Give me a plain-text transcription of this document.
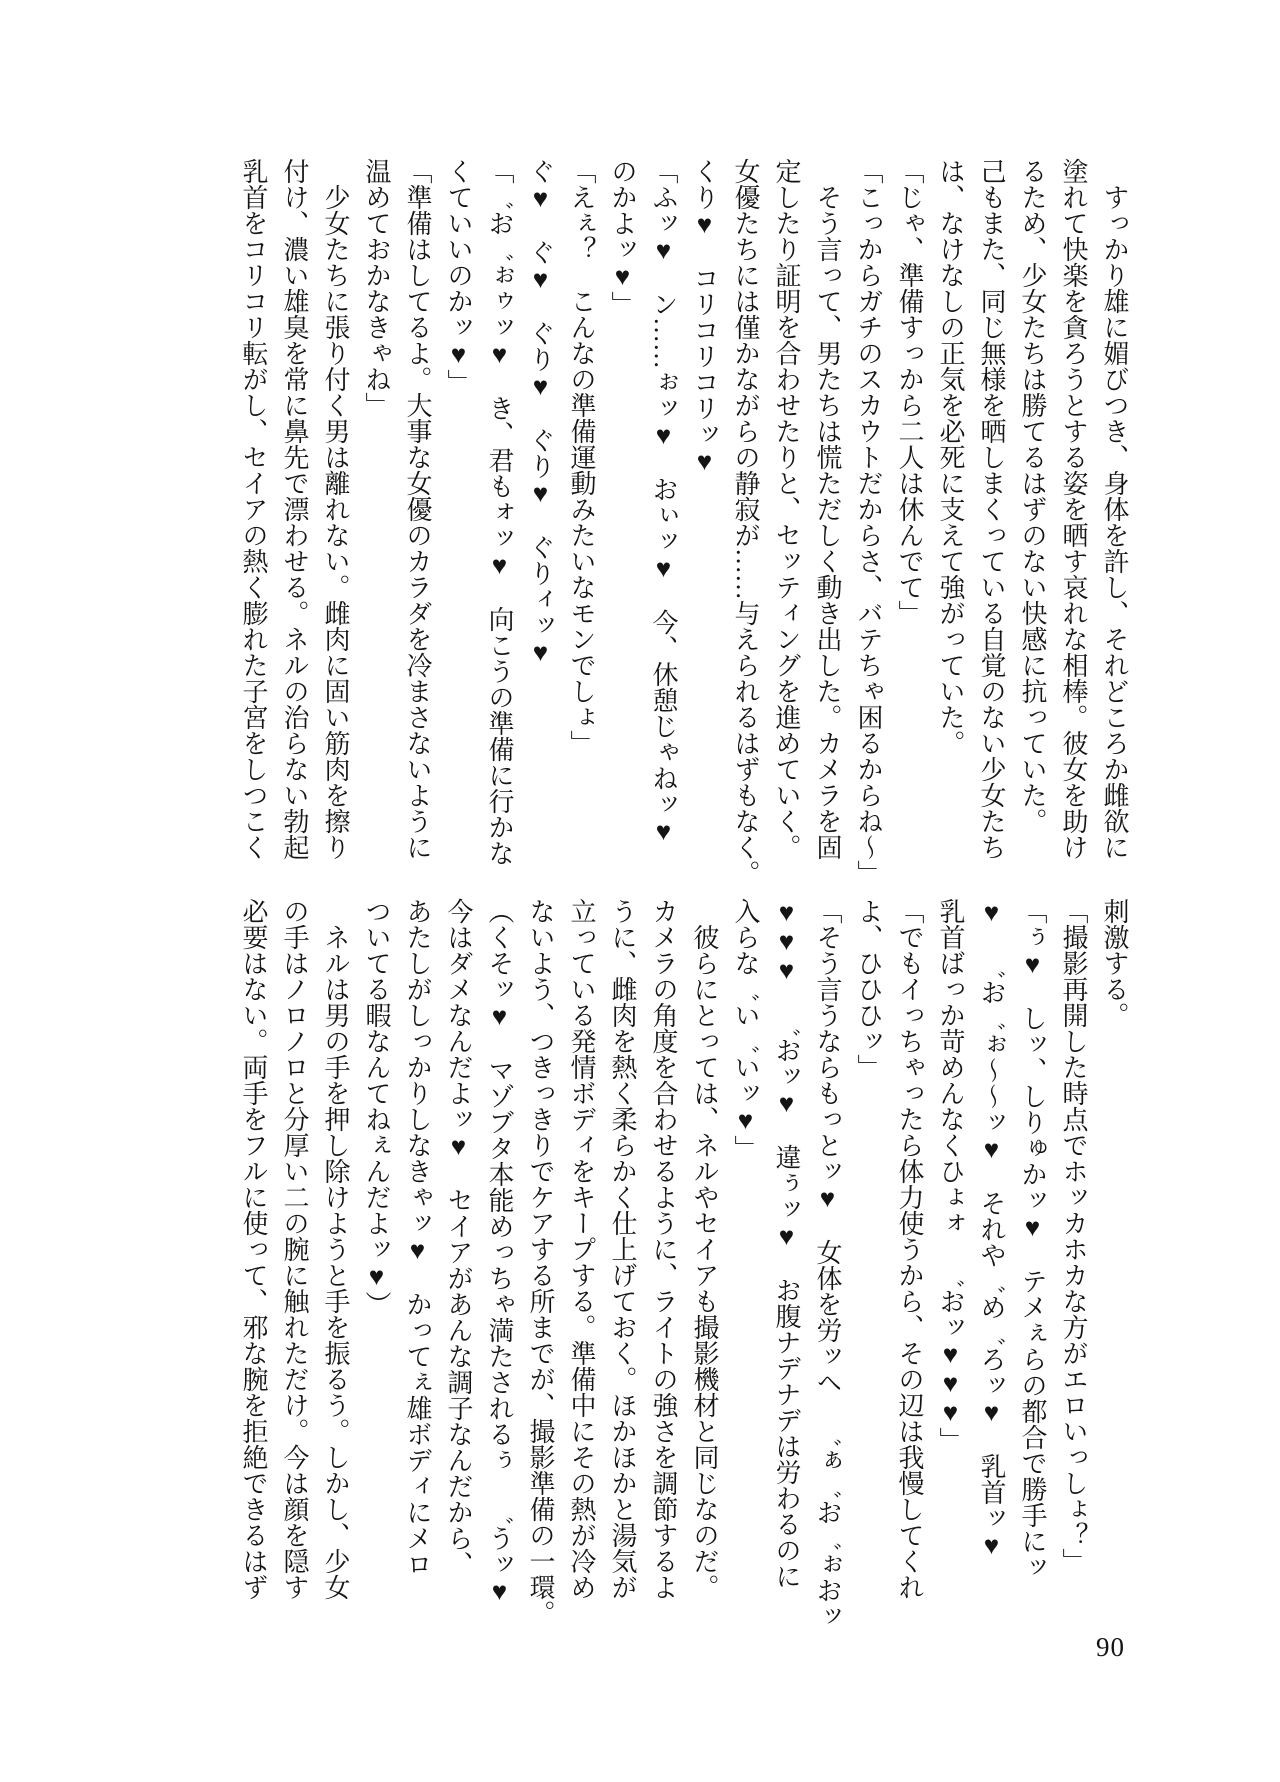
すっかり雄に媚びつき、身体を許し、それどころか雌欲に

塗れて快楽を貪ろうとする姿を晒す哀れな相棒。彼女を助け

るため、少女たちは勝てるはずのない快感に抗っていた。

己もまた、同じ無様を晒しまくっている自覚のない少女たち

は、なけなしの正気を必死に支えて強がっていた。

「じゃ、準備すっから二人は休んでて」

「こっからガチのスカウトだからさ、バテちゃ困るからね〜」

そう言って、男たちは慌ただしく動き出した。カメラを固

定したり証明を合わせたりと、セッティングを進めていく。

女優たちには僅かながらの静寂が……与えられるはずもなく。

くり♥　コリコリコリッ♥

「ふッ♥　ン……ぉッ♥　おぃッ♥　今、休憩じゃねッ♥

のかよッ♥」

「えぇ？　こんなの準備運動みたいなモンでしょ」

ぐ♥　ぐ♥　ぐり♥　ぐり♥　ぐりィッ♥

「゛お゛ぉゥッ♥　き、君もォッ♥　向こうの準備に行かな

くていいのかッ♥」

「準備はしてるよ。大事な女優のカラダを冷まさないように

温めておかなきゃね」

少女たちに張り付く男は離れない。雌肉に固い筋肉を擦り

付け、濃い雄臭を常に鼻先で漂わせる。ネルの治らない勃起

乳首をコリコリ転がし、セイアの熱く膨れた子宮をしつこく

刺激する。

「撮影再開した時点でホッカホカな方がエロいっしょ？」

「ぅ♥　しッ、しりゅかッ♥　テメぇらの都合で勝手にッ

♥　゛お゛ぉ〜〜ッ♥　それや゛め゛ろッ♥　乳首ッ♥

乳首ばっか苛めんなくひょォ　゛おッ♥♥♥」

「でもイっちゃったら体力使うから、その辺は我慢してくれ

よ、ひひひッ」

「そう言うならもっとッ♥　女体を労ッヘ　゛ぁ゛お゛ぉおッ

♥♥♥　゛おッ♥　違ぅッ♥　お腹ナデナデは労わるのに

入らな゛い゛いッ♥」

彼らにとっては、ネルやセイアも撮影機材と同じなのだ。

カメラの角度を合わせるように、ライトの強さを調節するよ

うに、雌肉を熱く柔らかく仕上げておく。ほかほかと湯気が

立っている発情ボディをキープする。準備中にその熱が冷め

ないよう、つきっきりでケアする所までが、撮影準備の一環。

（くそッ♥　マゾブタ本能めっちゃ満たされるぅ　゛うッ♥

今はダメなんだよッ♥　セイアがあんな調子なんだから、

あたしがしっかりしなきゃッ♥　かってぇ雄ボディにメロ

ついてる暇なんてねぇんだよッ♥）

ネルは男の手を押し除けようと手を振るう。しかし、少女

の手はノロノロと分厚い二の腕に触れただけ。今は顔を隠す

必要はない。両手をフルに使って、邪な腕を拒絶できるはず

90
